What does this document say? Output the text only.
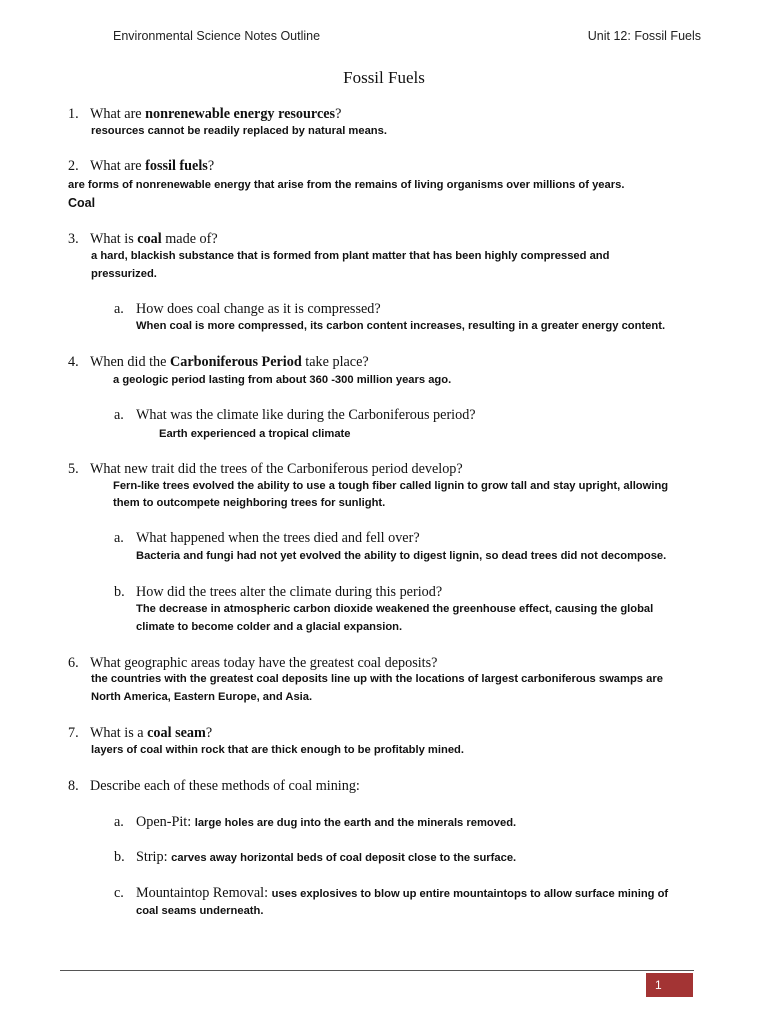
Environmental Science Notes Outline	Unit 12: Fossil Fuels
Fossil Fuels
1. What are nonrenewable energy resources?
resources cannot be readily replaced by natural means.
2. What are fossil fuels?
are forms of nonrenewable energy that arise from the remains of living organisms over millions of years.
Coal
3. What is coal made of?
a hard, blackish substance that is formed from plant matter that has been highly compressed and
pressurized.
a. How does coal change as it is compressed?
When coal is more compressed, its carbon content increases, resulting in a greater energy content.
4. When did the Carboniferous Period take place?
a geologic period lasting from about 360 -300 million years ago.
a. What was the climate like during the Carboniferous period?
Earth experienced a tropical climate
5. What new trait did the trees of the Carboniferous period develop?
Fern-like trees evolved the ability to use a tough fiber called lignin to grow tall and stay upright, allowing
them to outcompete neighboring trees for sunlight.
a. What happened when the trees died and fell over?
Bacteria and fungi had not yet evolved the ability to digest lignin, so dead trees did not decompose.
b. How did the trees alter the climate during this period?
The decrease in atmospheric carbon dioxide weakened the greenhouse effect, causing the global
climate to become colder and a glacial expansion.
6. What geographic areas today have the greatest coal deposits?
the countries with the greatest coal deposits line up with the locations of largest carboniferous swamps are
North America, Eastern Europe, and Asia.
7. What is a coal seam?
layers of coal within rock that are thick enough to be profitably mined.
8. Describe each of these methods of coal mining:
a. Open-Pit: large holes are dug into the earth and the minerals removed.
b. Strip: carves away horizontal beds of coal deposit close to the surface.
c. Mountaintop Removal: uses explosives to blow up entire mountaintops to allow surface mining of
coal seams underneath.
1
